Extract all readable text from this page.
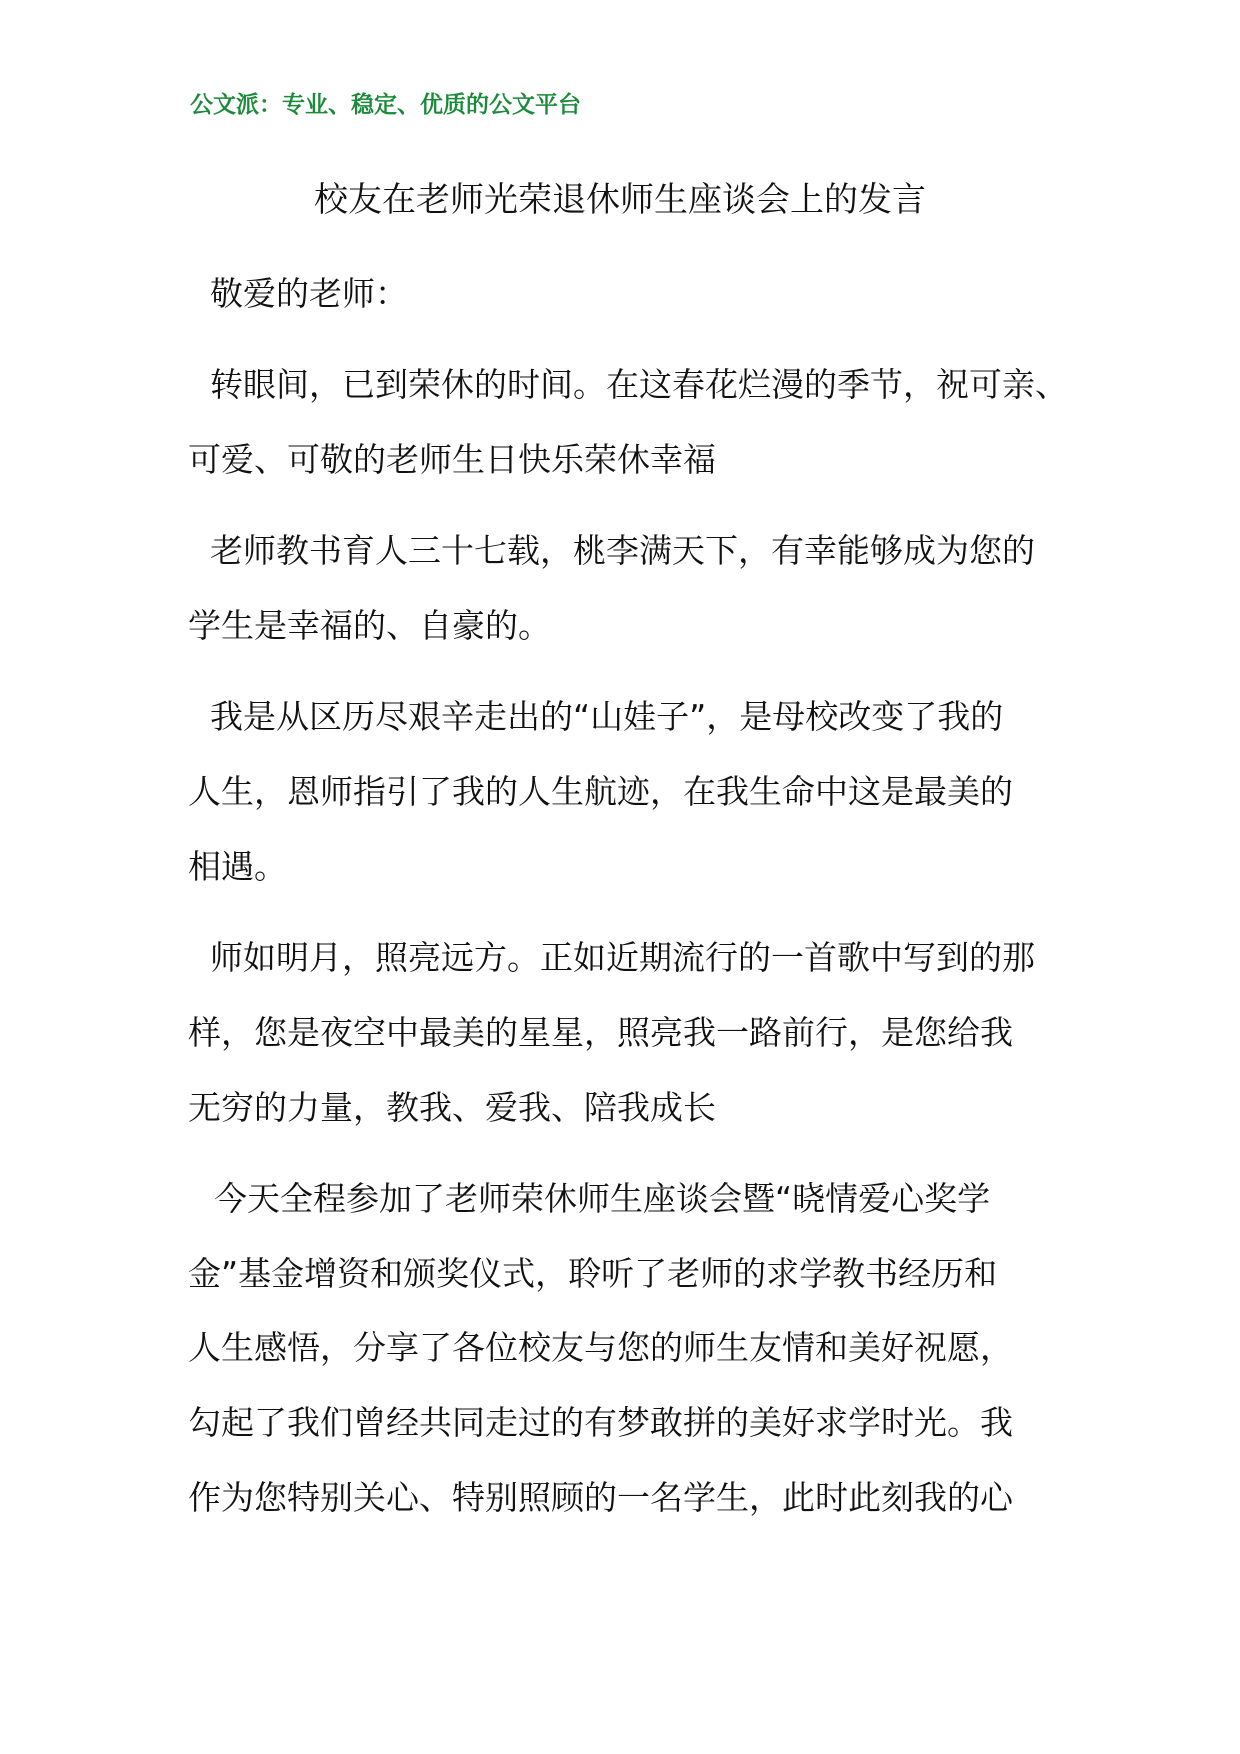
公文派：专业、稳定、优质的公文平台
校友在老师光荣退休师生座谈会上的发言
敬爱的老师：
转眼间，已到荣休的时间。在这春花烂漫的季节，祝可亲、
可爱、可敬的老师生日快乐荣休幸福
老师教书育人三十七载，桃李满天下，有幸能够成为您的
学生是幸福的、自豪的。
我是从区历尽艰辛走出的“山娃子”，是母校改变了我的
人生，恩师指引了我的人生航迹，在我生命中这是最美的
相遇。
师如明月，照亮远方。正如近期流行的一首歌中写到的那
样，您是夜空中最美的星星，照亮我一路前行，是您给我
无穷的力量，教我、爱我、陪我成长
今天全程参加了老师荣休师生座谈会暨“晓情爱心奖学
金”基金增资和颁奖仪式，聆听了老师的求学教书经历和
人生感悟，分享了各位校友与您的师生友情和美好祝愿，
勾起了我们曾经共同走过的有梦敢拼的美好求学时光。我
作为您特别关心、特别照顾的一名学生，此时此刻我的心
